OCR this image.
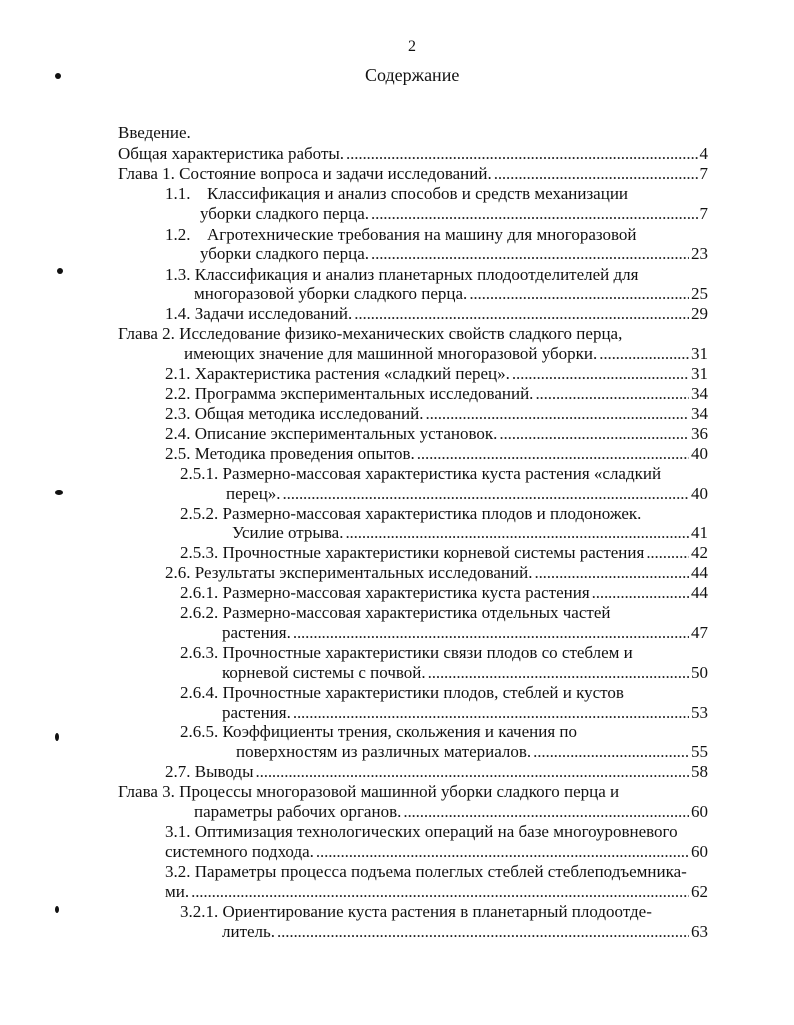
2
Содержание
Введение.
Общая характеристика работы. . . .	4
Глава 1. Состояние вопроса и задачи исследований. . . .	7
1.1. Классификация и анализ способов и средств механизации
уборки сладкого перца. . . .	7
1.2. Агротехнические требования на машину для многоразовой
уборки сладкого перца. . . .	23
1.3. Классификация и анализ планетарных плодоотделителей для
многоразовой уборки сладкого перца. . . .	25
1.4. Задачи исследований. . . .	29
Глава 2. Исследование физико-механических свойств сладкого перца,
имеющих значение для машинной многоразовой уборки. . . .	31
2.1. Характеристика растения «сладкий перец». . . .	31
2.2. Программа экспериментальных исследований. . . .	34
2.3. Общая методика исследований. . . .	34
2.4. Описание экспериментальных установок. . . .	36
2.5. Методика проведения опытов. . . .	40
2.5.1. Размерно-массовая характеристика куста растения «сладкий
перец». . . .	40
2.5.2. Размерно-массовая характеристика плодов и плодоножек.
Усилие отрыва. . . .	41
2.5.3. Прочностные характеристики корневой системы растения . . .	42
2.6. Результаты экспериментальных исследований. . . .	44
2.6.1. Размерно-массовая характеристика куста растения . . .	44
2.6.2. Размерно-массовая характеристика отдельных частей
растения. . . .	47
2.6.3. Прочностные характеристики связи плодов со стеблем и
корневой системы с почвой. . . .	50
2.6.4. Прочностные характеристики плодов, стеблей и кустов
растения. . . .	53
2.6.5. Коэффициенты трения, скольжения и качения по
поверхностям из различных материалов. . . .	55
2.7. Выводы . . .	58
Глава 3. Процессы многоразовой машинной уборки сладкого перца и
параметры рабочих органов. . . .	60
3.1. Оптимизация технологических операций на базе многоуровневого
системного подхода. . . .	60
3.2. Параметры процесса подъема полеглых стеблей стеблеподъемника-
ми. . . .	62
3.2.1. Ориентирование куста растения в планетарный плодоотде-
литель. . . .	63
